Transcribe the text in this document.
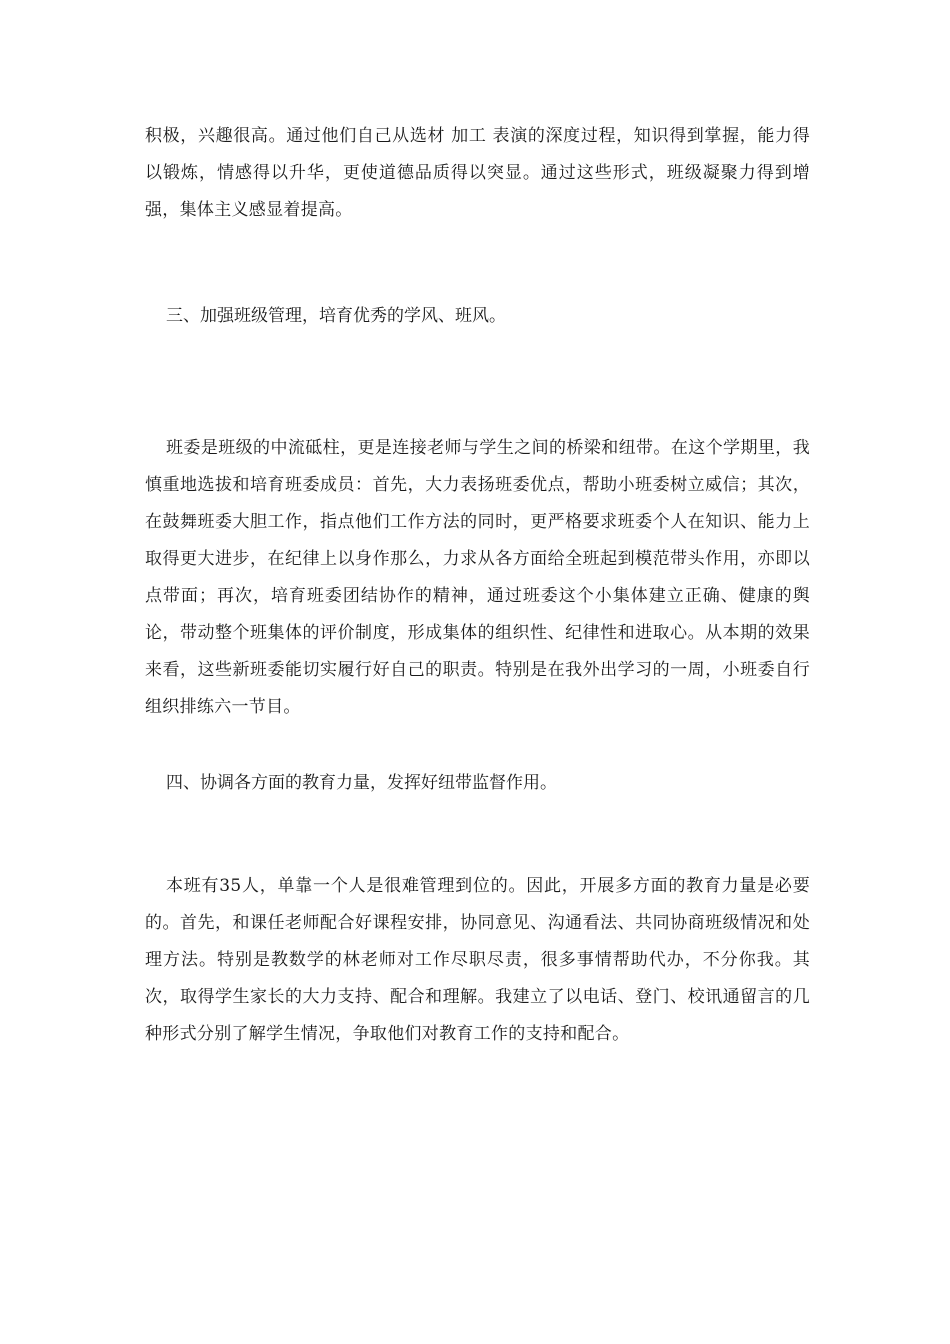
积极，兴趣很高。通过他们自己从选材 加工 表演的深度过程，知识得到掌握，能力得以锻炼，情感得以升华，更使道德品质得以突显。通过这些形式，班级凝聚力得到增强，集体主义感显着提高。

三、加强班级管理，培育优秀的学风、班风。

班委是班级的中流砥柱，更是连接老师与学生之间的桥梁和纽带。在这个学期里，我慎重地选拔和培育班委成员：首先，大力表扬班委优点，帮助小班委树立威信；其次，在鼓舞班委大胆工作，指点他们工作方法的同时，更严格要求班委个人在知识、能力上取得更大进步，在纪律上以身作那么，力求从各方面给全班起到模范带头作用，亦即以点带面；再次，培育班委团结协作的精神，通过班委这个小集体建立正确、健康的舆论，带动整个班集体的评价制度，形成集体的组织性、纪律性和进取心。从本期的效果来看，这些新班委能切实履行好自己的职责。特别是在我外出学习的一周，小班委自行组织排练六一节目。

四、协调各方面的教育力量，发挥好纽带监督作用。

本班有35人，单靠一个人是很难管理到位的。因此，开展多方面的教育力量是必要的。首先，和课任老师配合好课程安排，协同意见、沟通看法、共同协商班级情况和处理方法。特别是教数学的林老师对工作尽职尽责，很多事情帮助代办，不分你我。其次，取得学生家长的大力支持、配合和理解。我建立了以电话、登门、校讯通留言的几种形式分别了解学生情况，争取他们对教育工作的支持和配合。
